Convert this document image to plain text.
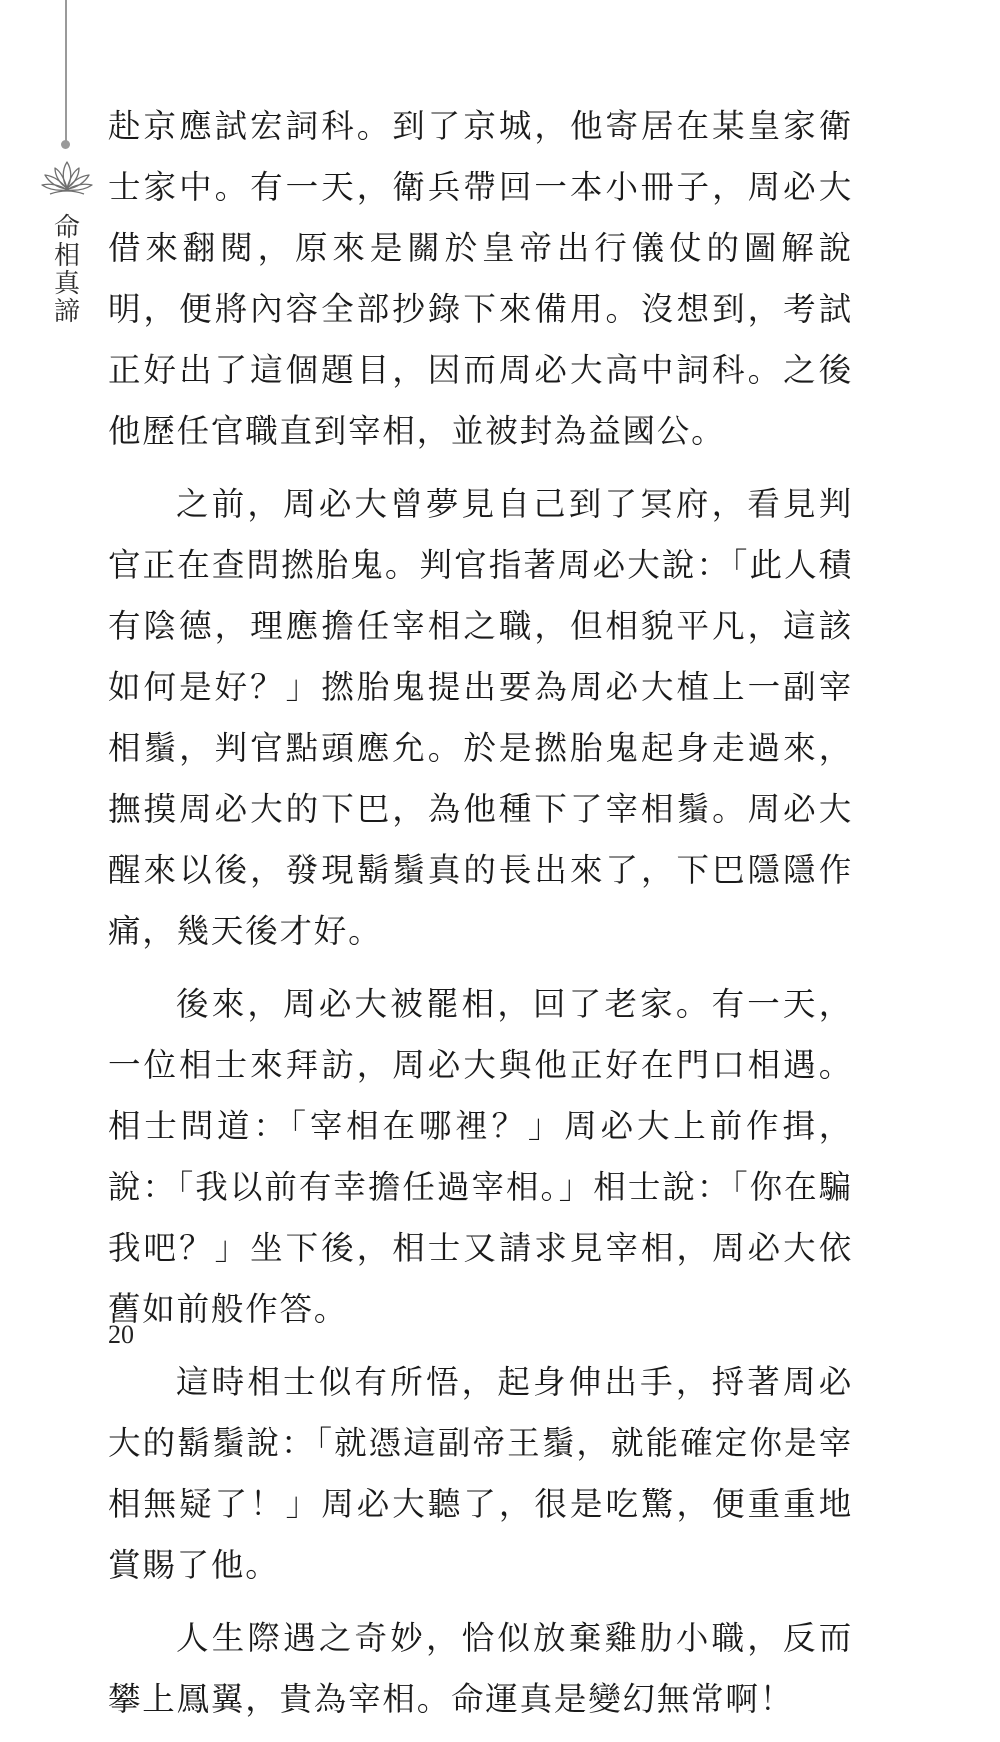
命
相
真
諦

赴京應試宏詞科。到了京城，他寄居在某皇家衛士家中。有一天，衛兵帶回一本小冊子，周必大借來翻閱，原來是關於皇帝出行儀仗的圖解說明，便將內容全部抄錄下來備用。沒想到，考試正好出了這個題目，因而周必大高中詞科。之後他歷任官職直到宰相，並被封為益國公。

之前，周必大曾夢見自己到了冥府，看見判官正在查問撚胎鬼。判官指著周必大說：「此人積有陰德，理應擔任宰相之職，但相貌平凡，這該如何是好？」撚胎鬼提出要為周必大植上一副宰相鬚，判官點頭應允。於是撚胎鬼起身走過來，撫摸周必大的下巴，為他種下了宰相鬚。周必大醒來以後，發現鬍鬚真的長出來了，下巴隱隱作痛，幾天後才好。

後來，周必大被罷相，回了老家。有一天，一位相士來拜訪，周必大與他正好在門口相遇。相士問道：「宰相在哪裡？」周必大上前作揖，說：「我以前有幸擔任過宰相。」相士說：「你在騙我吧？」坐下後，相士又請求見宰相，周必大依舊如前般作答。

這時相士似有所悟，起身伸出手，捋著周必大的鬍鬚說：「就憑這副帝王鬚，就能確定你是宰相無疑了！」周必大聽了，很是吃驚，便重重地賞賜了他。

人生際遇之奇妙，恰似放棄雞肋小職，反而攀上鳳翼，貴為宰相。命運真是變幻無常啊！

20
